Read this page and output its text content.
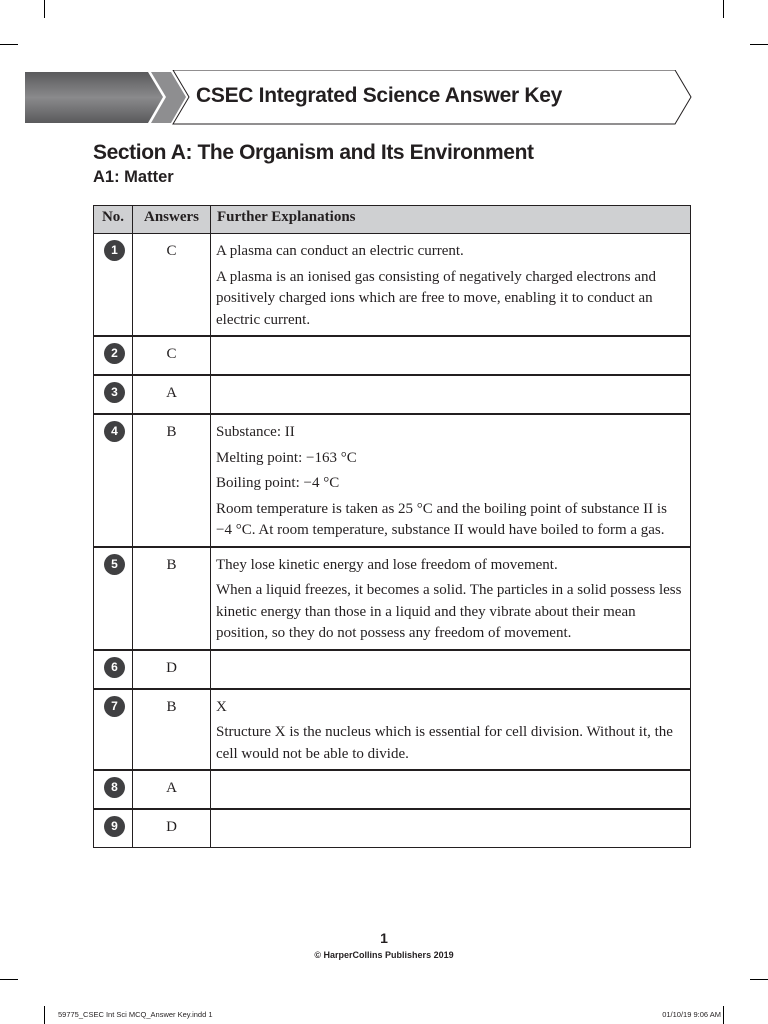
CSEC Integrated Science Answer Key
Section A: The Organism and Its Environment
A1: Matter
No.	Answers	Further Explanations
1	C	A plasma can conduct an electric current.

A plasma is an ionised gas consisting of negatively charged electrons and positively charged ions which are free to move, enabling it to conduct an electric current.

2	C	
3	A	
4	B	Substance: II

Melting point: −163 °C

Boiling point: −4 °C

Room temperature is taken as 25 °C and the boiling point of substance II is −4 °C. At room temperature, substance II would have boiled to form a gas.

5	B	They lose kinetic energy and lose freedom of movement.

When a liquid freezes, it becomes a solid. The particles in a solid possess less kinetic energy than those in a liquid and they vibrate about their mean position, so they do not possess any freedom of movement.

6	D	
7	B	X

Structure X is the nucleus which is essential for cell division. Without it, the cell would not be able to divide.

8	A	
9	D	
1
© HarperCollins Publishers 2019
59775_CSEC Int Sci MCQ_Answer Key.indd 1	01/10/19 9:06 AM
